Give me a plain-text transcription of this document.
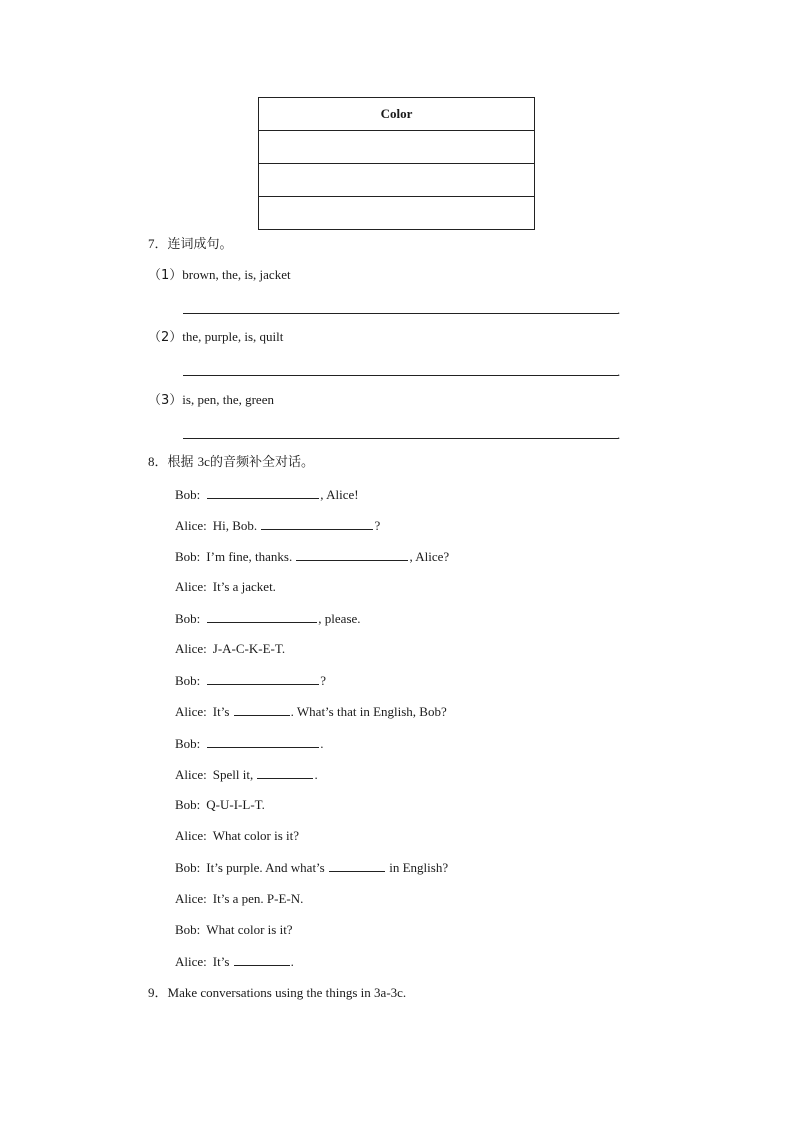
Color

7．连词成句。
（1）brown, the, is, jacket
.
（2）the, purple, is, quilt
.
（3）is, pen, the, green
.
8．根据 3c的音频补全对话。
Bob:	, Alice!
Alice: Hi, Bob.	?
Bob: I’m fine, thanks.	, Alice?
Alice: It’s a jacket.
Bob:	, please.
Alice: J-A-C-K-E-T.
Bob:	?
Alice: It’s	. What’s that in English, Bob?
Bob:	.
Alice: Spell it,	.
Bob: Q-U-I-L-T.
Alice: What color is it?
Bob: It’s purple. And what’s	in English?
Alice: It’s a pen. P-E-N.
Bob: What color is it?
Alice: It’s	.
9．Make conversations using the things in 3a-3c.
